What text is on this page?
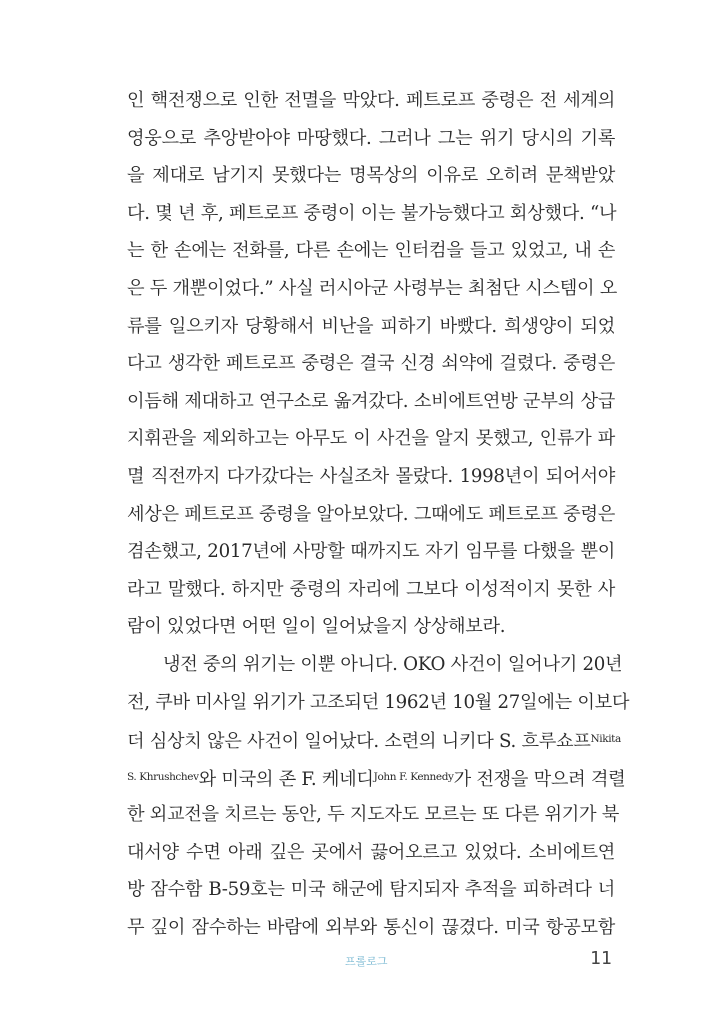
인 핵전쟁으로 인한 전멸을 막았다. 페트로프 중령은 전 세계의
영웅으로 추앙받아야 마땅했다. 그러나 그는 위기 당시의 기록
을 제대로 남기지 못했다는 명목상의 이유로 오히려 문책받았
다. 몇 년 후, 페트로프 중령이 이는 불가능했다고 회상했다. “나
는 한 손에는 전화를, 다른 손에는 인터컴을 들고 있었고, 내 손
은 두 개뿐이었다.” 사실 러시아군 사령부는 최첨단 시스템이 오
류를 일으키자 당황해서 비난을 피하기 바빴다. 희생양이 되었
다고 생각한 페트로프 중령은 결국 신경 쇠약에 걸렸다. 중령은
이듬해 제대하고 연구소로 옮겨갔다. 소비에트연방 군부의 상급
지휘관을 제외하고는 아무도 이 사건을 알지 못했고, 인류가 파
멸 직전까지 다가갔다는 사실조차 몰랐다. 1998년이 되어서야
세상은 페트로프 중령을 알아보았다. 그때에도 페트로프 중령은
겸손했고, 2017년에 사망할 때까지도 자기 임무를 다했을 뿐이
라고 말했다. 하지만 중령의 자리에 그보다 이성적이지 못한 사
람이 있었다면 어떤 일이 일어났을지 상상해보라.
냉전 중의 위기는 이뿐 아니다. OKO 사건이 일어나기 20년
전, 쿠바 미사일 위기가 고조되던 1962년 10월 27일에는 이보다
더 심상치 않은 사건이 일어났다. 소련의 니키다 S. 흐루쇼프$^{Nikita}$
$^{S. Khrushchev}$와 미국의 존 F. 케네디$^{John F. Kennedy}$가 전쟁을 막으려 격렬
한 외교전을 치르는 동안, 두 지도자도 모르는 또 다른 위기가 북
대서양 수면 아래 깊은 곳에서 끓어오르고 있었다. 소비에트연
방 잠수함 B-59호는 미국 해군에 탐지되자 추적을 피하려다 너
무 깊이 잠수하는 바람에 외부와 통신이 끊겼다. 미국 항공모함
프롤로그	11
